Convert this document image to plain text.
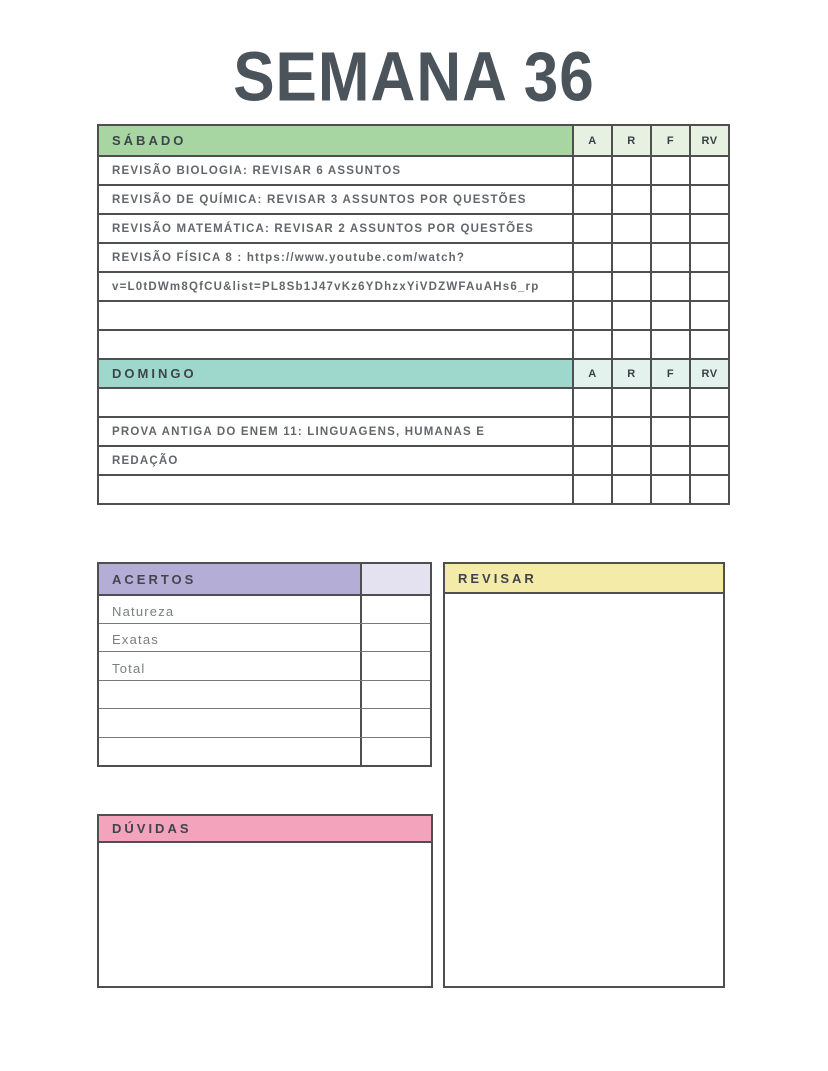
SEMANA 36
SÁBADO	A	R	F	RV
REVISÃO BIOLOGIA: REVISAR 6 ASSUNTOS
REVISÃO DE QUÍMICA: REVISAR 3 ASSUNTOS POR QUESTÕES
REVISÃO MATEMÁTICA: REVISAR 2 ASSUNTOS POR QUESTÕES
REVISÃO FÍSICA 8 : https://www.youtube.com/watch?
v=L0tDWm8QfCU&list=PL8Sb1J47vKz6YDhzxYiVDZWFAuAHs6_rp
DOMINGO	A	R	F	RV
PROVA ANTIGA DO ENEM 11: LINGUAGENS, HUMANAS E
REDAÇÃO
ACERTOS
Natureza
Exatas
Total
REVISAR
DÚVIDAS
